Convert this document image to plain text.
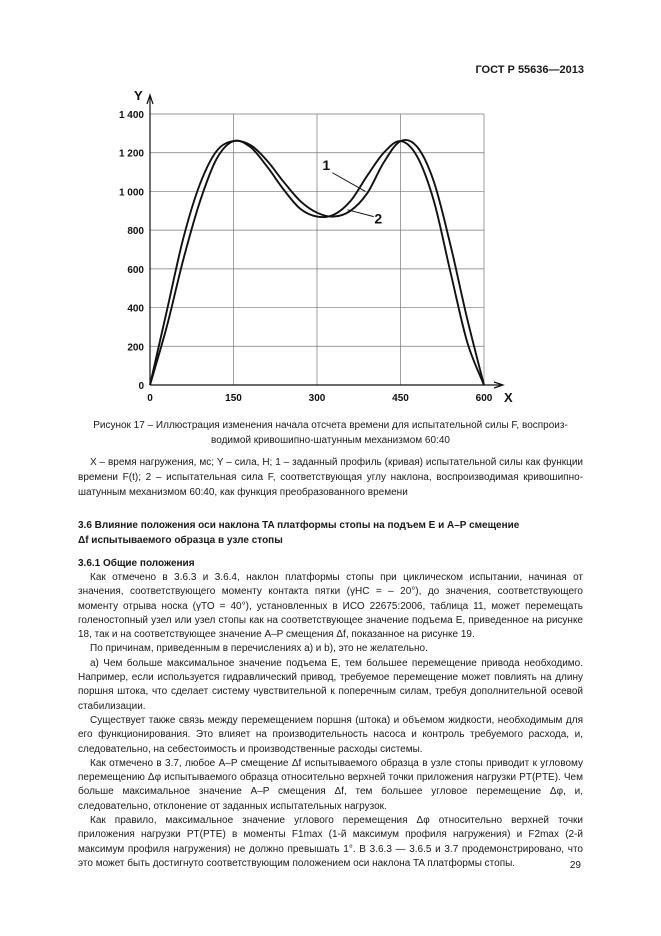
ГОСТ Р 55636—2013
0	150	300	450	600
0
200
400
600
800
1 000
1 200
1 400
X
Y
1
2
Рисунок 17 – Иллюстрация изменения начала отсчета времени для испытательной силы F, воспроиз-
водимой кривошипно-шатунным механизмом 60:40
X – время нагружения, мс; Y – сила, Н; 1 – заданный профиль (кривая) испытательной силы как функции времени F(t); 2 – испытательная сила F, соответствующая углу наклона, воспроизводимая кривошипно-шатунным механизмом 60:40, как функция преобразованного времени
3.6 Влияние положения оси наклона TA платформы стопы на подъем E и A–P смещение
Δf испытываемого образца в узле стопы
3.6.1 Общие положения

Как отмечено в 3.6.3 и 3.6.4, наклон платформы стопы при циклическом испытании, начиная от значения, соответствующего моменту контакта пятки (γHC = – 20°), до значения, соответствующего моменту отрыва носка (γTO = 40°), установленных в ИСО 22675:2006, таблица 11, может перемещать голеностопный узел или узел стопы как на соответствующее значение подъема E, приведенное на рисунке 18, так и на соответствующее значение A–P смещения Δf, показанное на рисунке 19.

По причинам, приведенным в перечислениях a) и b), это не желательно.

a) Чем больше максимальное значение подъема E, тем большее перемещение привода необходимо. Например, если используется гидравлический привод, требуемое перемещение может повлиять на длину поршня штока, что сделает систему чувствительной к поперечным силам, требуя дополнительной осевой стабилизации.

Существует также связь между перемещением поршня (штока) и объемом жидкости, необходимым для его функционирования. Это влияет на производительность насоса и контроль требуемого расхода, и, следовательно, на себестоимость и производственные расходы системы.

Как отмечено в 3.7, любое A–P смещение Δf испытываемого образца в узле стопы приводит к угловому перемещению Δφ испытываемого образца относительно верхней точки приложения нагрузки PT(PTE). Чем больше максимальное значение A–P смещения Δf, тем большее угловое перемещение Δφ, и, следовательно, отклонение от заданных испытательных нагрузок.

Как правило, максимальное значение углового перемещения Δφ относительно верхней точки приложения нагрузки PT(PTE) в моменты F1max (1-й максимум профиля нагружения) и F2max (2-й максимум профиля нагружения) не должно превышать 1°. В 3.6.3 — 3.6.5 и 3.7 продемонстрировано, что это может быть достигнуто соответствующим положением оси наклона TA платформы стопы.	29
